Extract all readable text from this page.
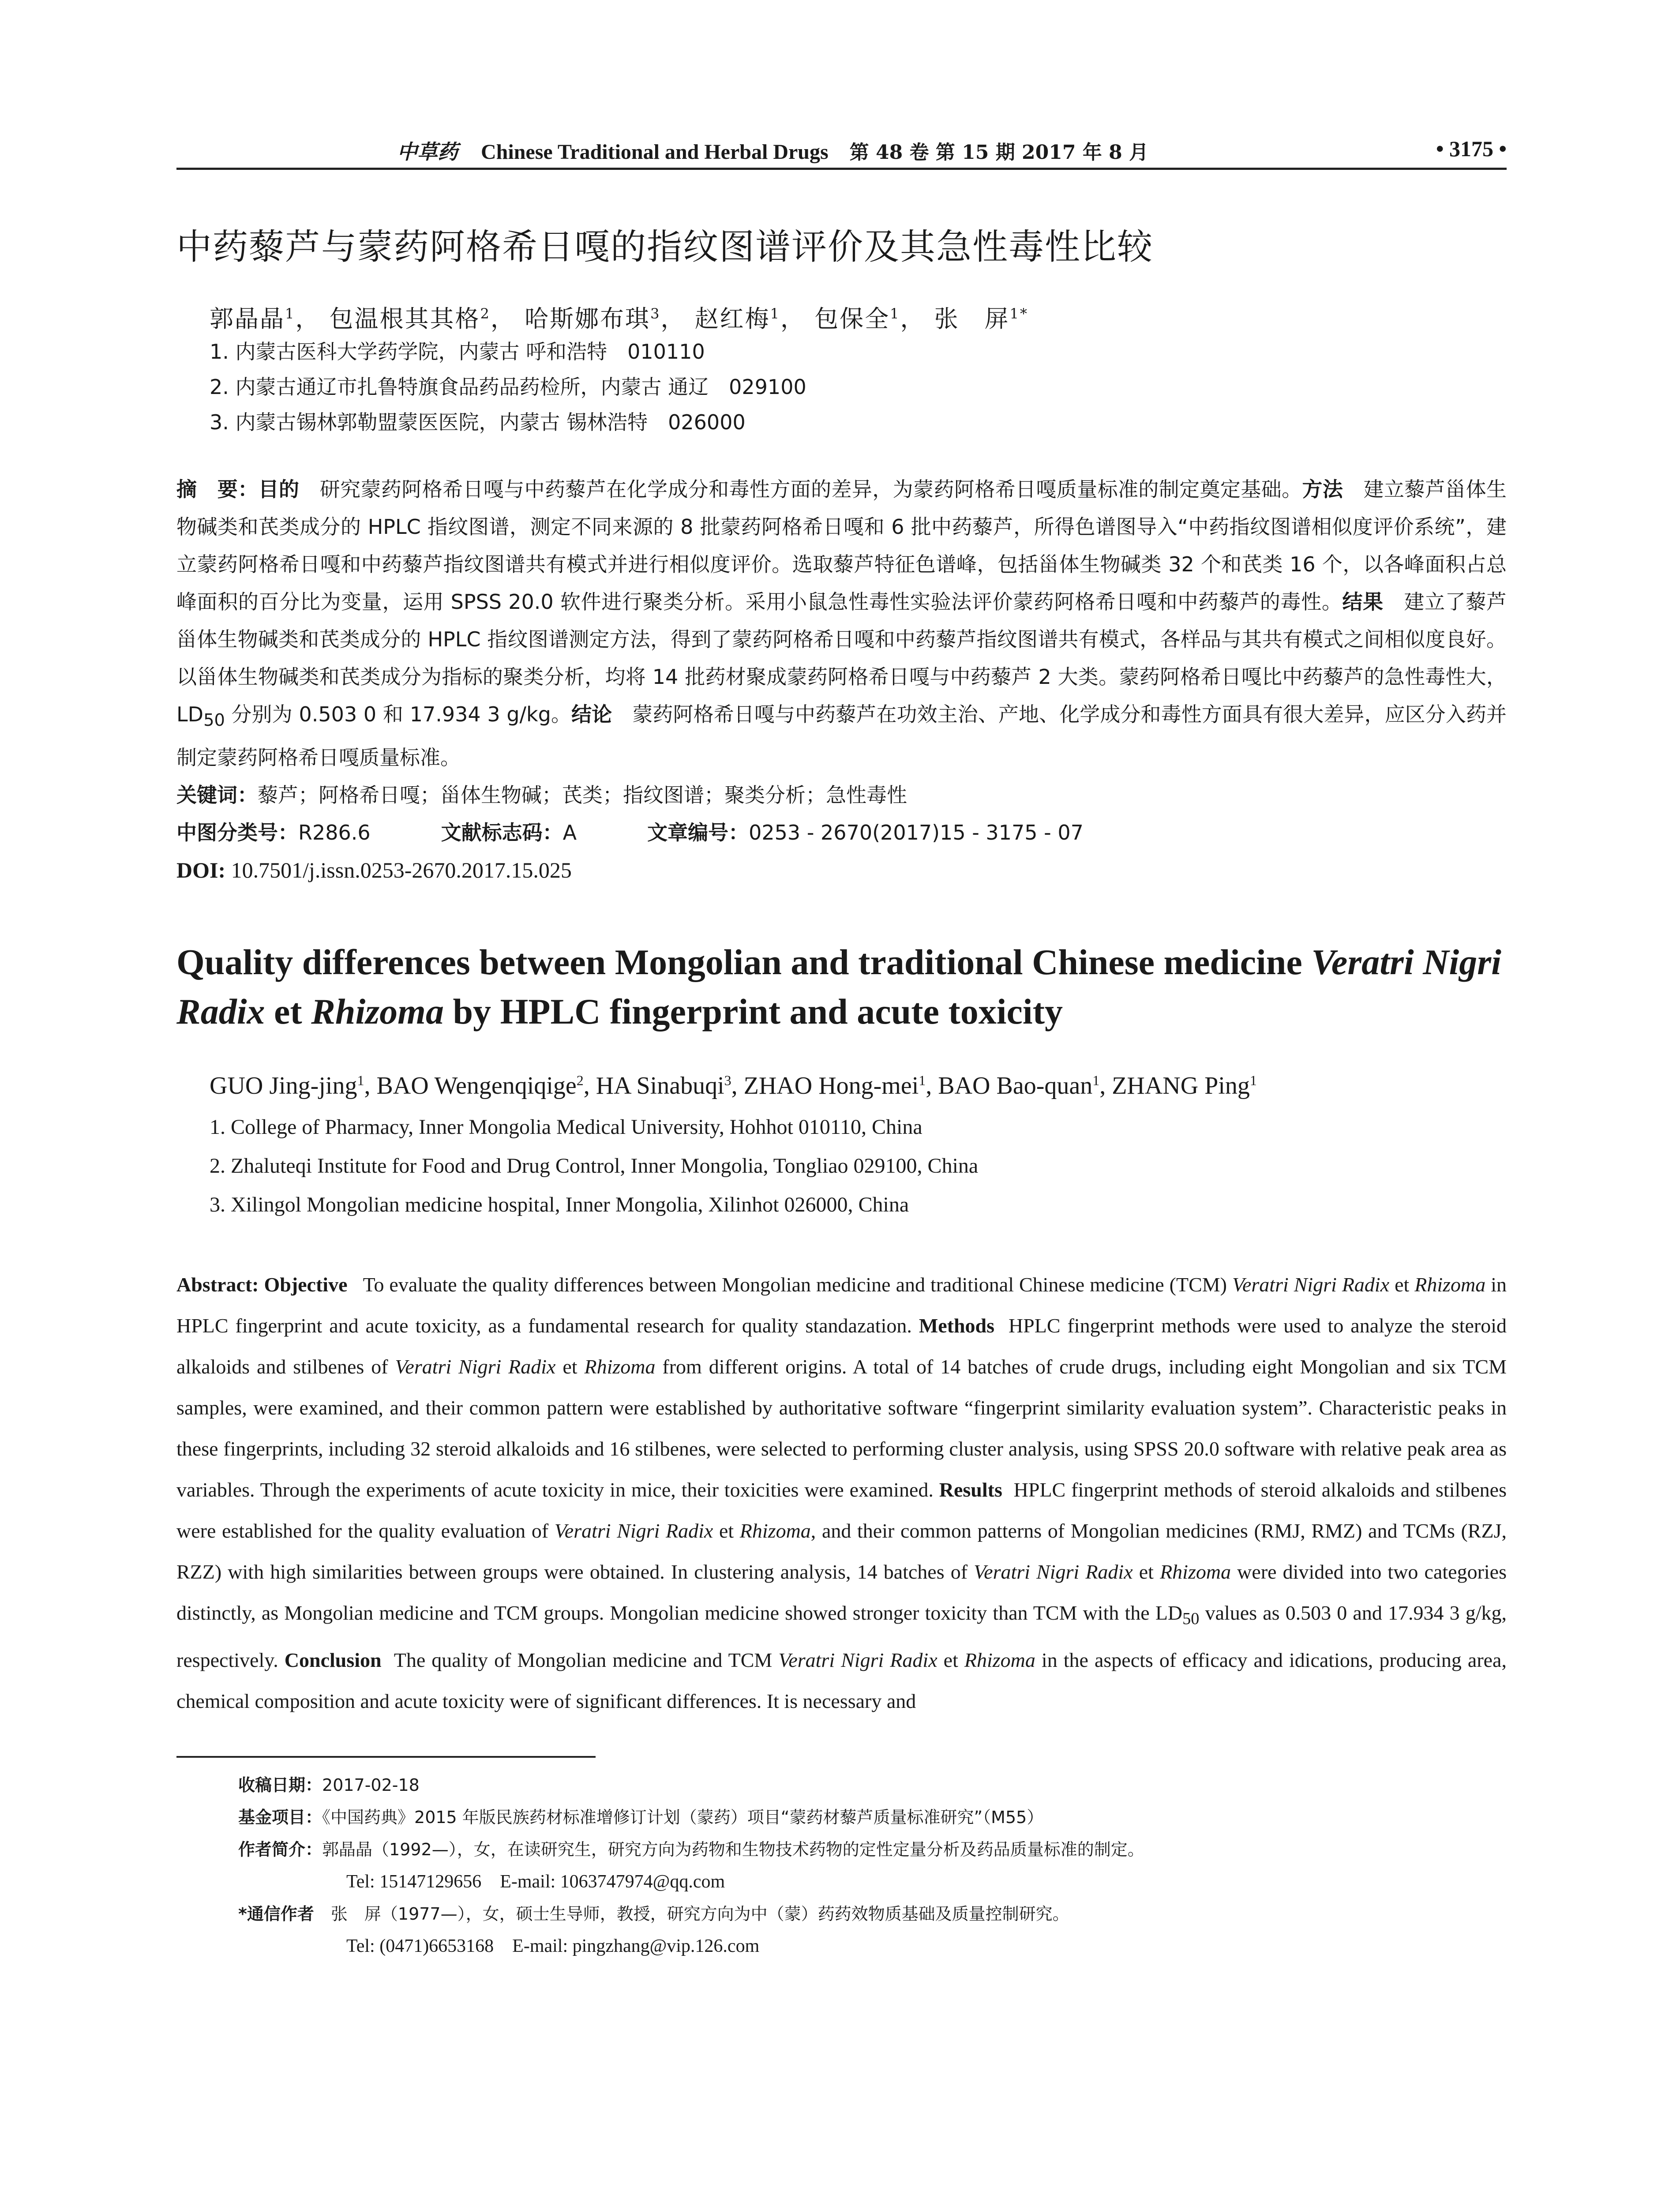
中草药 Chinese Traditional and Herbal Drugs 第 48 卷 第 15 期 2017 年 8 月	• 3175 •
中药藜芦与蒙药阿格希日嘎的指纹图谱评价及其急性毒性比较
郭晶晶$^1$， 包温根其其格$^2$， 哈斯娜布琪$^3$， 赵红梅$^1$， 包保全$^1$， 张　屏$^{1*}$
1. 内蒙古医科大学药学院，内蒙古 呼和浩特　010110
2. 内蒙古通辽市扎鲁特旗食品药品药检所，内蒙古 通辽　029100
3. 内蒙古锡林郭勒盟蒙医医院，内蒙古 锡林浩特　026000
摘　要：目的　 研究蒙药阿格希日嘎与中药藜芦在化学成分和毒性方面的差异，为蒙药阿格希日嘎质量标准的制定奠定基础。方法　 建立藜芦甾体生物碱类和芪类成分的 HPLC 指纹图谱，测定不同来源的 8 批蒙药阿格希日嘎和 6 批中药藜芦，所得色谱图导入“中药指纹图谱相似度评价系统”，建立蒙药阿格希日嘎和中药藜芦指纹图谱共有模式并进行相似度评价。选取藜芦特征色谱峰，包括甾体生物碱类 32 个和芪类 16 个，以各峰面积占总峰面积的百分比为变量，运用 SPSS 20.0 软件进行聚类分析。采用小鼠急性毒性实验法评价蒙药阿格希日嘎和中药藜芦的毒性。结果　 建立了藜芦甾体生物碱类和芪类成分的 HPLC 指纹图谱测定方法，得到了蒙药阿格希日嘎和中药藜芦指纹图谱共有模式，各样品与其共有模式之间相似度良好。以甾体生物碱类和芪类成分为指标的聚类分析，均将 14 批药材聚成蒙药阿格希日嘎与中药藜芦 2 大类。蒙药阿格希日嘎比中药藜芦的急性毒性大，$LD_{50}$ 分别为 0.503 0 和 17.934 3 g/kg。结论　 蒙药阿格希日嘎与中药藜芦在功效主治、产地、化学成分和毒性方面具有很大差异，应区分入药并制定蒙药阿格希日嘎质量标准。
关键词：藜芦；阿格希日嘎；甾体生物碱；芪类；指纹图谱；聚类分析；急性毒性
中图分类号：R286.6	文献标志码：A	文章编号：0253 - 2670(2017)15 - 3175 - 07
DOI: 10.7501/j.issn.0253-2670.2017.15.025
Quality differences between Mongolian and traditional Chinese medicine Veratri Nigri Radix et Rhizoma by HPLC fingerprint and acute toxicity
GUO Jing-jing$^1$, BAO Wengenqiqige$^2$, HA Sinabuqi$^3$, ZHAO Hong-mei$^1$, BAO Bao-quan$^1$, ZHANG Ping$^1$
1. College of Pharmacy, Inner Mongolia Medical University, Hohhot 010110, China
2. Zhaluteqi Institute for Food and Drug Control, Inner Mongolia, Tongliao 029100, China
3. Xilingol Mongolian medicine hospital, Inner Mongolia, Xilinhot 026000, China
Abstract: Objective To evaluate the quality differences between Mongolian medicine and traditional Chinese medicine (TCM) Veratri Nigri Radix et Rhizoma in HPLC fingerprint and acute toxicity, as a fundamental research for quality standazation. Methods HPLC fingerprint methods were used to analyze the steroid alkaloids and stilbenes of Veratri Nigri Radix et Rhizoma from different origins. A total of 14 batches of crude drugs, including eight Mongolian and six TCM samples, were examined, and their common pattern were established by authoritative software “fingerprint similarity evaluation system”. Characteristic peaks in these fingerprints, including 32 steroid alkaloids and 16 stilbenes, were selected to performing cluster analysis, using SPSS 20.0 software with relative peak area as variables. Through the experiments of acute toxicity in mice, their toxicities were examined. Results HPLC fingerprint methods of steroid alkaloids and stilbenes were established for the quality evaluation of Veratri Nigri Radix et Rhizoma, and their common patterns of Mongolian medicines (RMJ, RMZ) and TCMs (RZJ, RZZ) with high similarities between groups were obtained. In clustering analysis, 14 batches of Veratri Nigri Radix et Rhizoma were divided into two categories distinctly, as Mongolian medicine and TCM groups. Mongolian medicine showed stronger toxicity than TCM with the $LD_{50}$ values as 0.503 0 and 17.934 3 g/kg, respectively. Conclusion The quality of Mongolian medicine and TCM Veratri Nigri Radix et Rhizoma in the aspects of efficacy and idications, producing area, chemical composition and acute toxicity were of significant differences. It is necessary and
收稿日期：2017-02-18
基金项目：《中国药典》2015 年版民族药材标准增修订计划（蒙药）项目“蒙药材藜芦质量标准研究”（M55）
作者简介：郭晶晶（1992—），女，在读研究生，研究方向为药物和生物技术药物的定性定量分析及药品质量标准的制定。
Tel: 15147129656　E-mail: 1063747974@qq.com
*通信作者　 张　屏（1977—），女，硕士生导师，教授，研究方向为中（蒙）药药效物质基础及质量控制研究。
Tel: (0471)6653168　E-mail: pingzhang@vip.126.com
